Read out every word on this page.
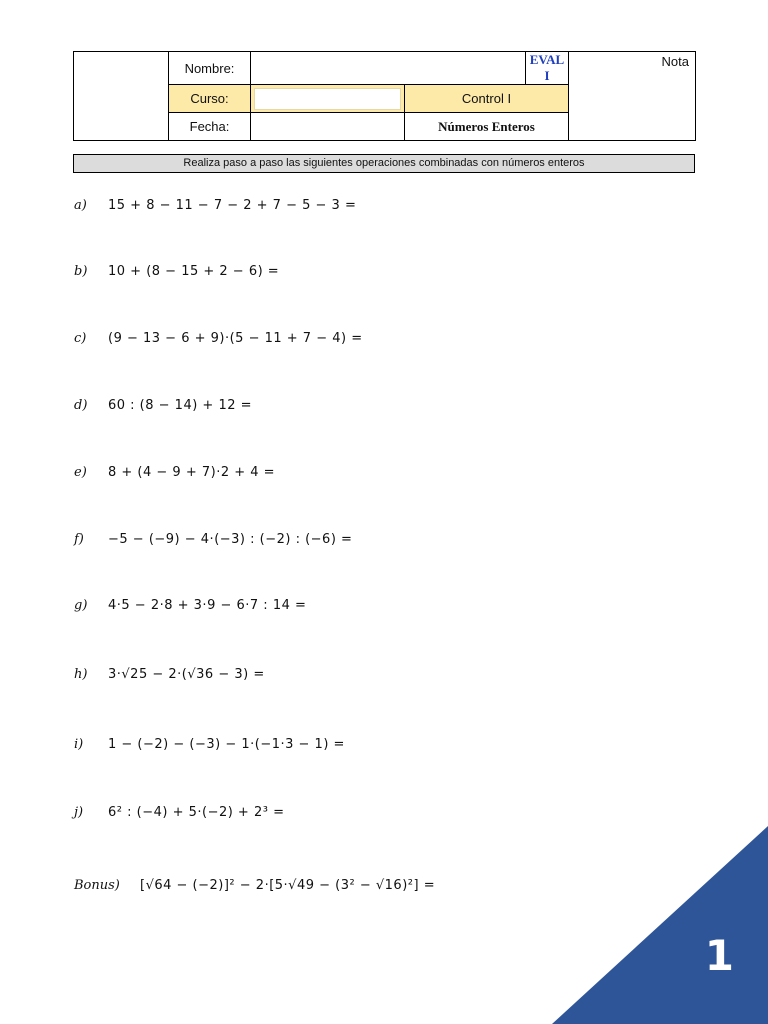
	Nombre:			EVAL I	Nota
	Curso:		Control I		
	Fecha:		Números Enteros		
Realiza paso a paso las siguientes operaciones combinadas con números enteros
a)	15 + 8 − 11 − 7 − 2 + 7 − 5 − 3 =
b)	10 + (8 − 15 + 2 − 6) =
c)	(9 − 13 − 6 + 9)·(5 − 11 + 7 − 4) =
d)	60 : (8 − 14) + 12 =
e)	8 + (4 − 9 + 7)·2 + 4 =
f)	−5 − (−9) − 4·(−3) : (−2) : (−6) =
g)	4·5 − 2·8 + 3·9 − 6·7 : 14 =
h)	3·√25 − 2·(√36 − 3) =
i)	1 − (−2) − (−3) − 1·(−1·3 − 1) =
j)	6² : (−4) + 5·(−2) + 2³ =
Bonus)	[√64 − (−2)]² − 2·[5·√49 − (3² − √16)²] =
1
